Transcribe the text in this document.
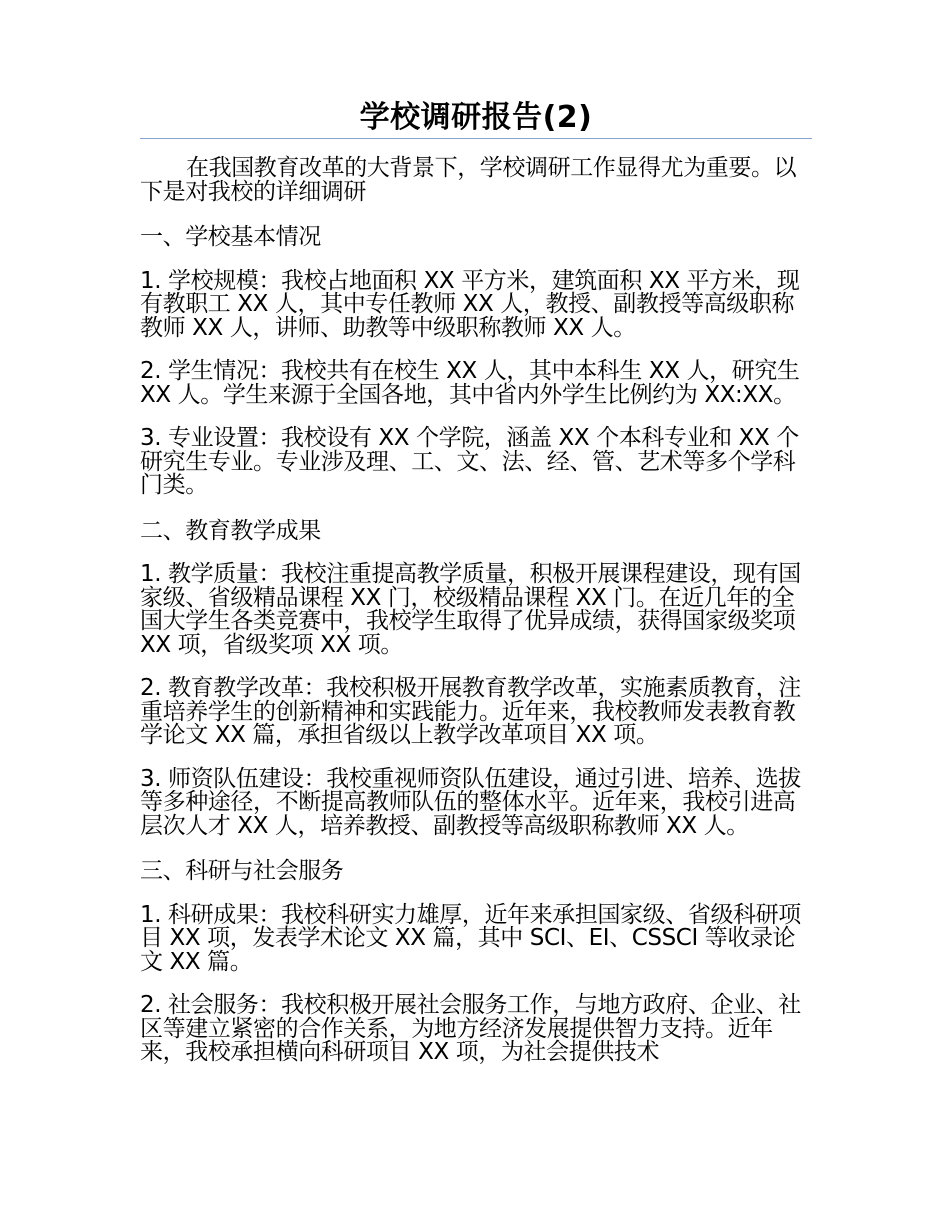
学校调研报告(2)

在我国教育改革的大背景下，学校调研工作显得尤为重要。以下是对我校的详细调研

一、学校基本情况

1. 学校规模：我校占地面积 XX 平方米，建筑面积 XX 平方米，现有教职工 XX 人，其中专任教师 XX 人，教授、副教授等高级职称教师 XX 人，讲师、助教等中级职称教师 XX 人。

2. 学生情况：我校共有在校生 XX 人，其中本科生 XX 人，研究生 XX 人。学生来源于全国各地，其中省内外学生比例约为 XX:XX。

3. 专业设置：我校设有 XX 个学院，涵盖 XX 个本科专业和 XX 个研究生专业。专业涉及理、工、文、法、经、管、艺术等多个学科门类。

二、教育教学成果

1. 教学质量：我校注重提高教学质量，积极开展课程建设，现有国家级、省级精品课程 XX 门，校级精品课程 XX 门。在近几年的全国大学生各类竞赛中，我校学生取得了优异成绩，获得国家级奖项 XX 项，省级奖项 XX 项。

2. 教育教学改革：我校积极开展教育教学改革，实施素质教育，注重培养学生的创新精神和实践能力。近年来，我校教师发表教育教学论文 XX 篇，承担省级以上教学改革项目 XX 项。

3. 师资队伍建设：我校重视师资队伍建设，通过引进、培养、选拔等多种途径，不断提高教师队伍的整体水平。近年来，我校引进高层次人才 XX 人，培养教授、副教授等高级职称教师 XX 人。

三、科研与社会服务

1. 科研成果：我校科研实力雄厚，近年来承担国家级、省级科研项目 XX 项，发表学术论文 XX 篇，其中 SCI、EI、CSSCI 等收录论文 XX 篇。

2. 社会服务：我校积极开展社会服务工作，与地方政府、企业、社区等建立紧密的合作关系，为地方经济发展提供智力支持。近年来，我校承担横向科研项目 XX 项，为社会提供技术
